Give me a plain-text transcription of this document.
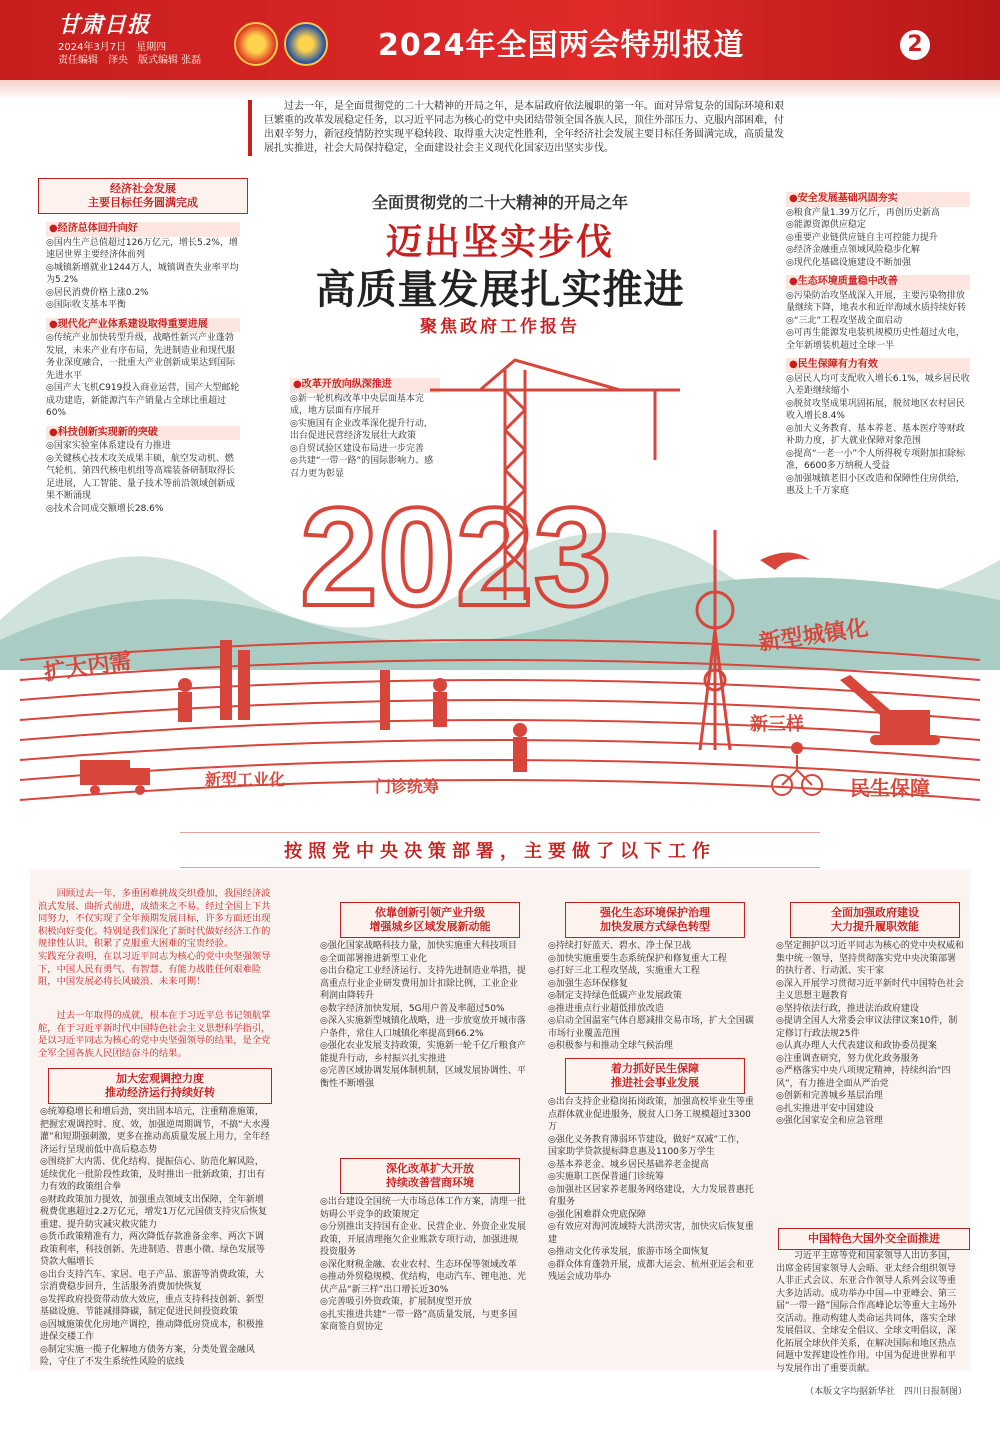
甘肃日报
2024年3月7日　星期四
责任编辑　泽央　版式编辑 张磊	2024年全国两会特别报道	2
过去一年，是全面贯彻党的二十大精神的开局之年，是本届政府依法履职的第一年。面对异常复杂的国际环境和艰巨繁重的改革发展稳定任务，以习近平同志为核心的党中央团结带领全国各族人民，顶住外部压力、克服内部困难，付出艰辛努力，新冠疫情防控实现平稳转段、取得重大决定性胜利，全年经济社会发展主要目标任务圆满完成，高质量发展扎实推进，社会大局保持稳定，全面建设社会主义现代化国家迈出坚实步伐。
经济社会发展
主要目标任务圆满完成
●经济总体回升向好
◎国内生产总值超过126万亿元，增长5.2%，增速居世界主要经济体前列
◎城镇新增就业1244万人，城镇调查失业率平均为5.2%
◎居民消费价格上涨0.2%
◎国际收支基本平衡
●现代化产业体系建设取得重要进展
◎传统产业加快转型升级，战略性新兴产业蓬勃发展，未来产业有序布局，先进制造业和现代服务业深度融合，一批重大产业创新成果达到国际先进水平
◎国产大飞机C919投入商业运营，国产大型邮轮成功建造，新能源汽车产销量占全球比重超过60%
●科技创新实现新的突破
◎国家实验室体系建设有力推进
◎关键核心技术攻关成果丰硕，航空发动机、燃气轮机、第四代核电机组等高端装备研制取得长足进展，人工智能、量子技术等前沿领域创新成果不断涌现
◎技术合同成交额增长28.6%
全面贯彻党的二十大精神的开局之年
迈出坚实步伐
高质量发展扎实推进
聚焦政府工作报告
●改革开放向纵深推进
◎新一轮机构改革中央层面基本完成，地方层面有序展开
◎实施国有企业改革深化提升行动，出台促进民营经济发展壮大政策
◎自贸试验区建设布局进一步完善
◎共建“一带一路”的国际影响力、感召力更为彰显
●安全发展基础巩固夯实
◎粮食产量1.39万亿斤，再创历史新高
◎能源资源供应稳定
◎重要产业链供应链自主可控能力提升
◎经济金融重点领域风险稳步化解
◎现代化基础设施建设不断加强
●生态环境质量稳中改善
◎污染防治攻坚战深入开展，主要污染物排放量继续下降，地表水和近岸海域水质持续好转
◎“三北”工程攻坚战全面启动
◎可再生能源发电装机规模历史性超过火电，全年新增装机超过全球一半
●民生保障有力有效
◎居民人均可支配收入增长6.1%，城乡居民收入差距继续缩小
◎脱贫攻坚成果巩固拓展，脱贫地区农村居民收入增长8.4%
◎加大义务教育、基本养老、基本医疗等财政补助力度，扩大就业保障对象范围
◎提高“一老一小”个人所得税专项附加扣除标准，6600多万纳税人受益
◎加强城镇老旧小区改造和保障性住房供给，惠及上千万家庭
2023
扩大内需
新型工业化	门诊统筹
新型城镇化
新三样
民生保障
按照党中央决策部署，主要做了以下工作
回顾过去一年，多重困难挑战交织叠加，我国经济波浪式发展、曲折式前进，成绩来之不易。经过全国上下共同努力，不仅实现了全年预期发展目标，许多方面还出现积极向好变化。特别是我们深化了新时代做好经济工作的规律性认识，积累了克服重大困难的宝贵经验。
实践充分表明，在以习近平同志为核心的党中央坚强领导下，中国人民有勇气、有智慧、有能力战胜任何艰难险阻，中国发展必将长风破浪、未来可期！
过去一年取得的成就，根本在于习近平总书记领航掌舵，在于习近平新时代中国特色社会主义思想科学指引，是以习近平同志为核心的党中央坚强领导的结果，是全党全军全国各族人民团结奋斗的结果。
加大宏观调控力度
推动经济运行持续好转
◎统筹稳增长和增后劲，突出固本培元，注重精准施策，把握宏观调控时、度、效，加强逆周期调节，不搞“大水漫灌”和短期强刺激，更多在推动高质量发展上用力，全年经济运行呈现前低中高后稳态势
◎围绕扩大内需、优化结构、提振信心、防范化解风险，延续优化一批阶段性政策，及时推出一批新政策，打出有力有效的政策组合拳
◎财政政策加力提效，加强重点领域支出保障，全年新增税费优惠超过2.2万亿元，增发1万亿元国债支持灾后恢复重建、提升防灾减灾救灾能力
◎货币政策精准有力，两次降低存款准备金率、两次下调政策利率，科技创新、先进制造、普惠小微、绿色发展等贷款大幅增长
◎出台支持汽车、家居、电子产品、旅游等消费政策，大宗消费稳步回升，生活服务消费加快恢复
◎发挥政府投资带动放大效应，重点支持科技创新、新型基础设施、节能减排降碳，制定促进民间投资政策
◎因城施策优化房地产调控，推动降低房贷成本，积极推进保交楼工作
◎制定实施一揽子化解地方债务方案，分类处置金融风险，守住了不发生系统性风险的底线
依靠创新引领产业升级
增强城乡区域发展新动能
◎强化国家战略科技力量，加快实施重大科技项目
◎全面部署推进新型工业化
◎出台稳定工业经济运行、支持先进制造业举措，提高重点行业企业研发费用加计扣除比例，工业企业利润由降转升
◎数字经济加快发展，5G用户普及率超过50%
◎深入实施新型城镇化战略，进一步放宽放开城市落户条件，常住人口城镇化率提高到66.2%
◎强化农业发展支持政策，实施新一轮千亿斤粮食产能提升行动，乡村振兴扎实推进
◎完善区域协调发展体制机制，区域发展协调性、平衡性不断增强
深化改革扩大开放
持续改善营商环境
◎出台建设全国统一大市场总体工作方案，清理一批妨碍公平竞争的政策规定
◎分别推出支持国有企业、民营企业、外资企业发展政策，开展清理拖欠企业账款专项行动，加强进规投资服务
◎深化财税金融、农业农村、生态环保等领域改革
◎推动外贸稳规模、优结构，电动汽车、锂电池、光伏产品“新三样”出口增长近30%
◎完善吸引外资政策，扩展制度型开放
◎扎实推进共建“一带一路”高质量发展，与更多国家商签自贸协定
强化生态环境保护治理
加快发展方式绿色转型
◎持续打好蓝天、碧水、净土保卫战
◎加快实施重要生态系统保护和修复重大工程
◎打好三北工程攻坚战，实施重大工程
◎加强生态环保修复
◎制定支持绿色低碳产业发展政策
◎推进重点行业超低排放改造
◎启动全国温室气体自愿减排交易市场，扩大全国碳市场行业覆盖范围
◎积极参与和推动全球气候治理
着力抓好民生保障
推进社会事业发展
◎出台支持企业稳岗拓岗政策，加强高校毕业生等重点群体就业促进服务，脱贫人口务工规模超过3300万
◎强化义务教育薄弱环节建设，做好“双减”工作，国家助学贷款提标降息惠及1100多万学生
◎基本养老金、城乡居民基础养老金提高
◎实施职工医保普通门诊统筹
◎加强社区居家养老服务网络建设，大力发展普惠托育服务
◎强化困难群众兜底保障
◎有效应对海河流域特大洪涝灾害，加快灾后恢复重建
◎推动文化传承发展，旅游市场全面恢复
◎群众体育蓬勃开展，成都大运会、杭州亚运会和亚残运会成功举办
全面加强政府建设
大力提升履职效能
◎坚定拥护以习近平同志为核心的党中央权威和集中统一领导，坚持贯彻落实党中央决策部署的执行者、行动派、实干家
◎深入开展学习贯彻习近平新时代中国特色社会主义思想主题教育
◎坚持依法行政，推进法治政府建设
◎提请全国人大常委会审议法律议案10件，制定修订行政法规25件
◎认真办理人大代表建议和政协委员提案
◎注重调查研究，努力优化政务服务
◎严格落实中央八项规定精神，持续纠治“四风”，有力推进全面从严治党
◎创新和完善城乡基层治理
◎扎实推进平安中国建设
◎强化国家安全和应急管理
中国特色大国外交全面推进
习近平主席等党和国家领导人出访多国，出席金砖国家领导人会晤、亚太经合组织领导人非正式会议、东亚合作领导人系列会议等重大多边活动。成功举办中国—中亚峰会、第三届“一带一路”国际合作高峰论坛等重大主场外交活动。推动构建人类命运共同体，落实全球发展倡议、全球安全倡议、全球文明倡议，深化拓展全球伙伴关系，在解决国际和地区热点问题中发挥建设性作用。中国为促进世界和平与发展作出了重要贡献。
（本版文字均据新华社　四川日报制图）
